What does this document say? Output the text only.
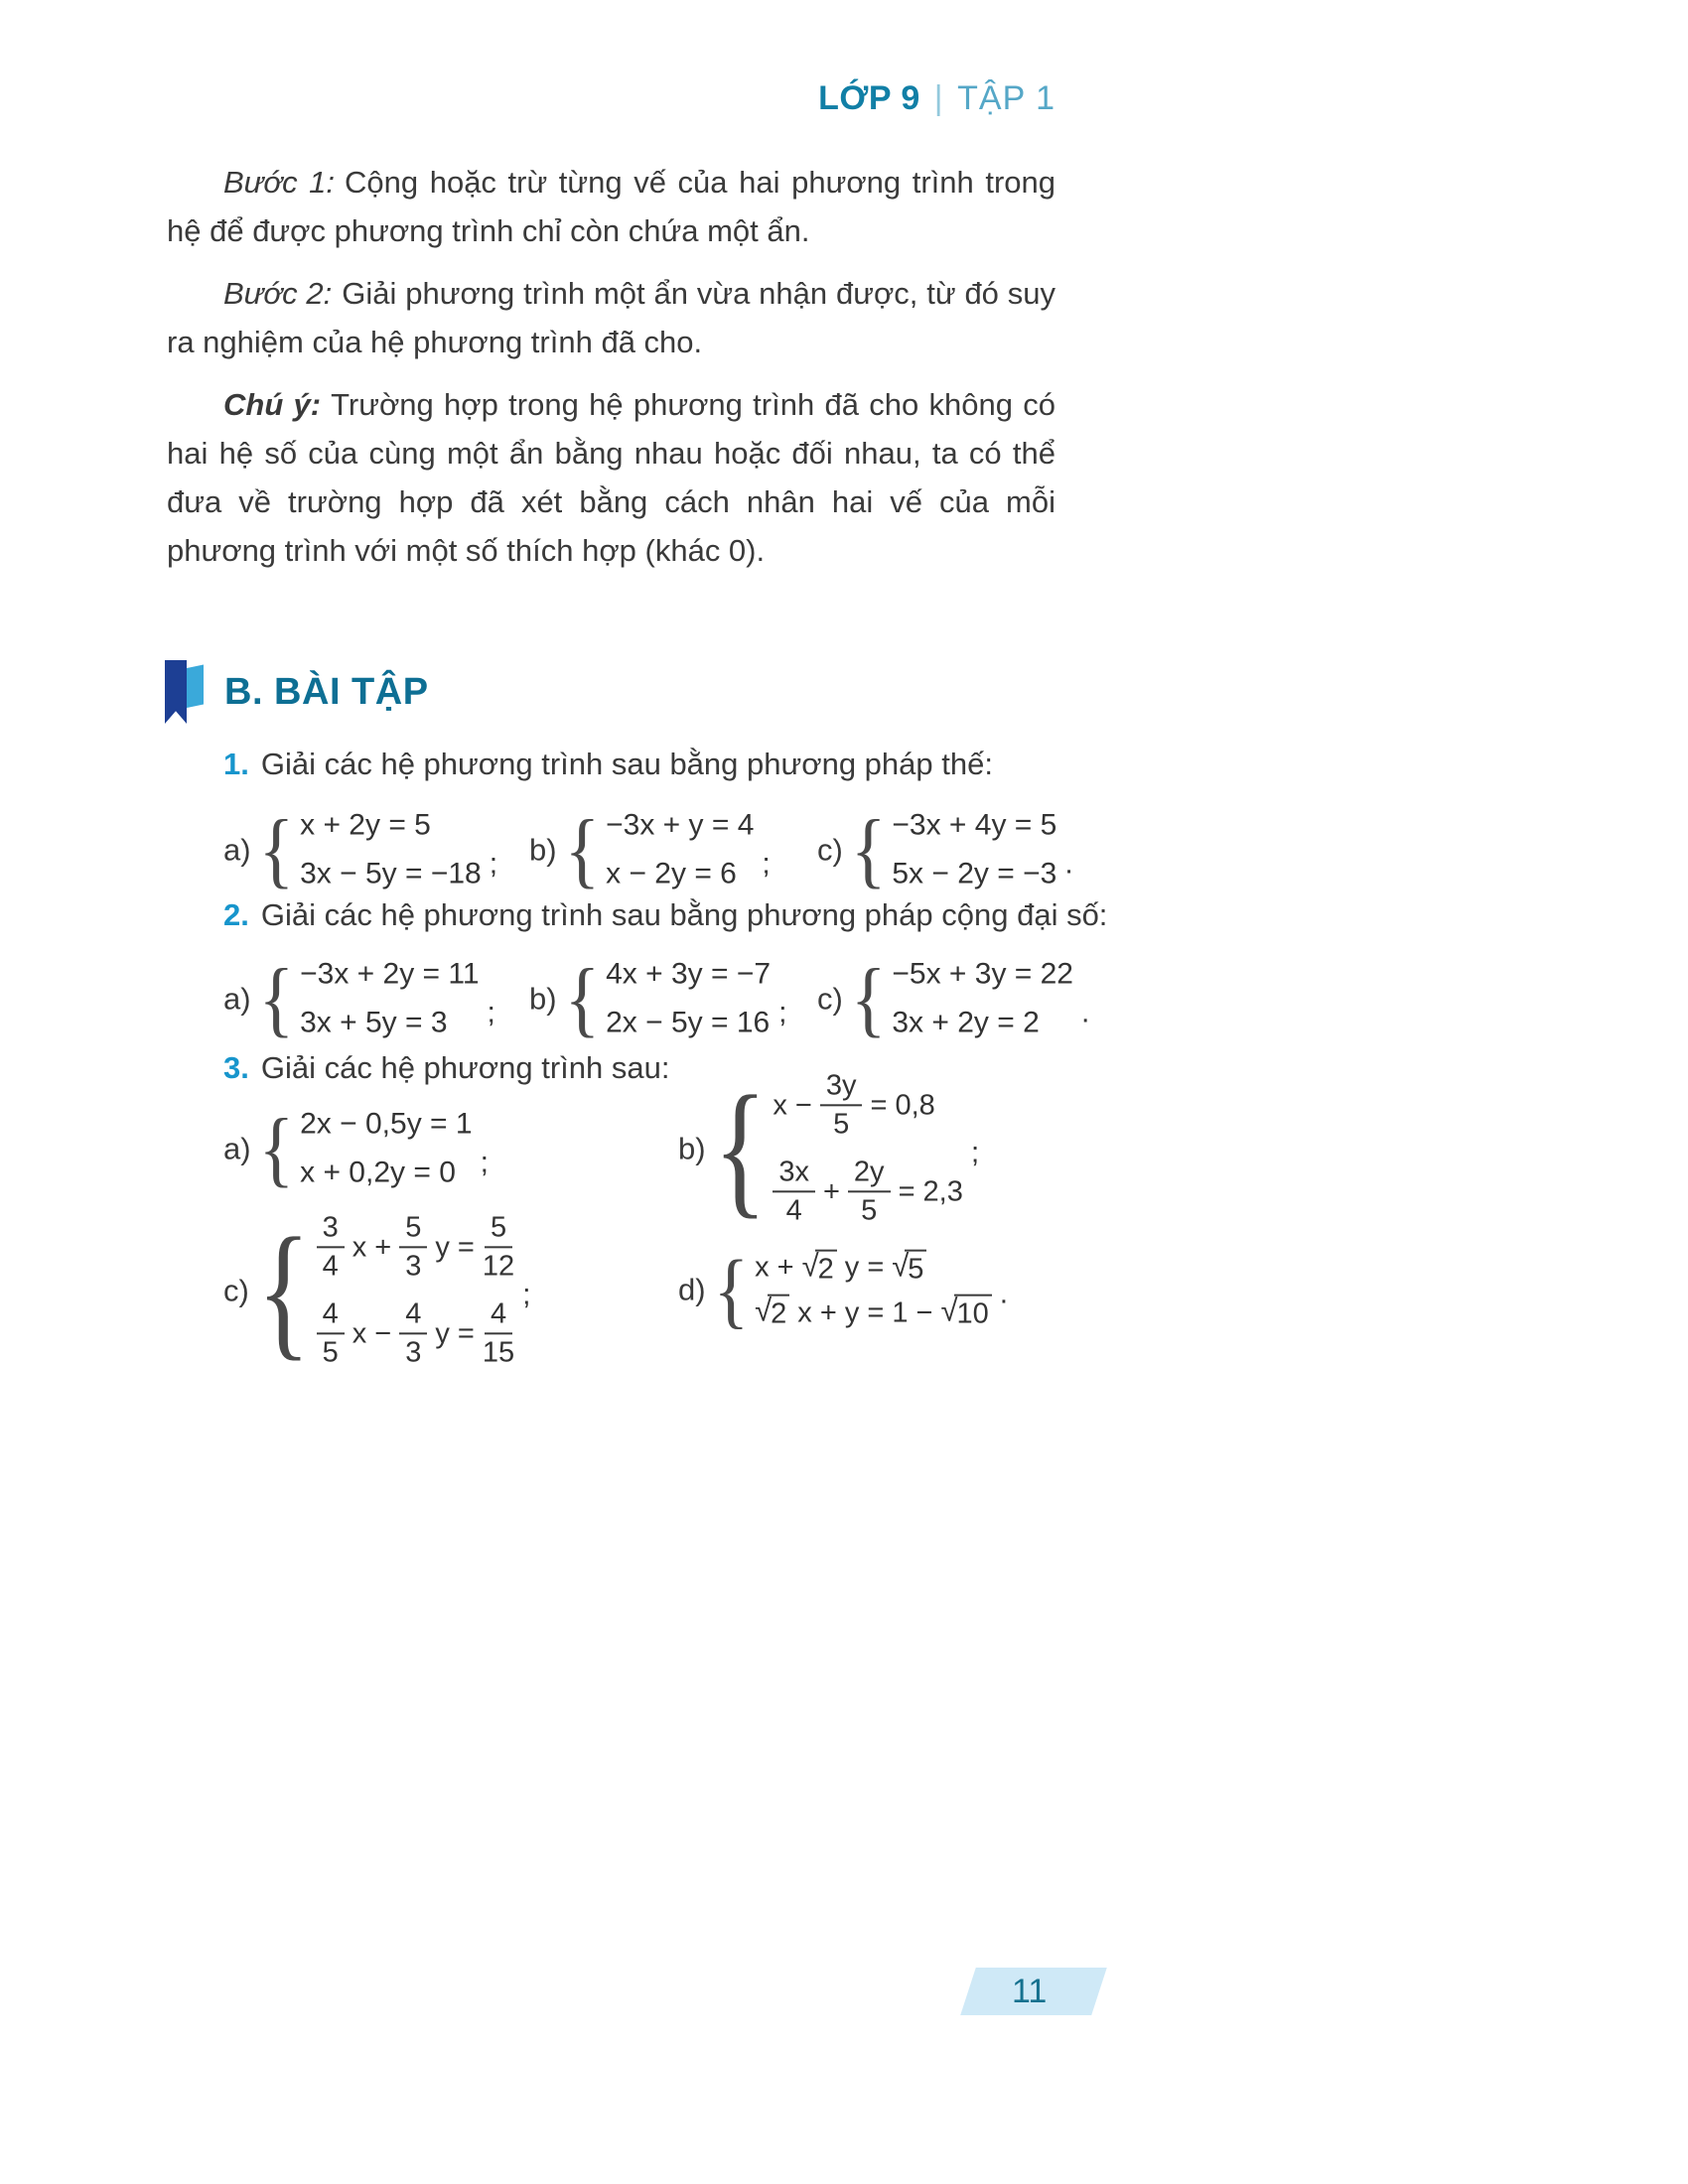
LỚP 9 | TẬP 1

Bước 1: Cộng hoặc trừ từng vế của hai phương trình trong hệ để được phương trình chỉ còn chứa một ẩn.

Bước 2: Giải phương trình một ẩn vừa nhận được, từ đó suy ra nghiệm của hệ phương trình đã cho.

Chú ý: Trường hợp trong hệ phương trình đã cho không có hai hệ số của cùng một ẩn bằng nhau hoặc đối nhau, ta có thể đưa về trường hợp đã xét bằng cách nhân hai vế của mỗi phương trình với một số thích hợp (khác 0).

B. BÀI TẬP

1. Giải các hệ phương trình sau bằng phương pháp thế:

a) { x + 2y = 5
3x − 5y = −18 ; b) { −3x + y = 4
x − 2y = 6 ; c) { −3x + 4y = 5
5x − 2y = −3 .

2. Giải các hệ phương trình sau bằng phương pháp cộng đại số:

a) { −3x + 2y = 11
3x + 5y = 3	; b) { 4x + 3y = −7
2x − 5y = 16 ; c) { −5x + 3y = 22
3x + 2y = 2	.

3. Giải các hệ phương trình sau:

a) { 2x − 0,5y = 1
x + 0,2y = 0 ;	b) { $x - \frac{3y}{5} = 0,8$
$\frac{3x}{4} + \frac{2y}{5} = 2,3$
;
c) { $\frac{3}{4}$ $x + \frac{5}{3}$ $y = \frac{5}{12}$
$\frac{4}{5}$ $x - \frac{4}{3}$ $y = \frac{4}{15}$
;	d) { x + √ 2 y = √ 5
√ 2 x + y = 1 − √ 10
.
11
